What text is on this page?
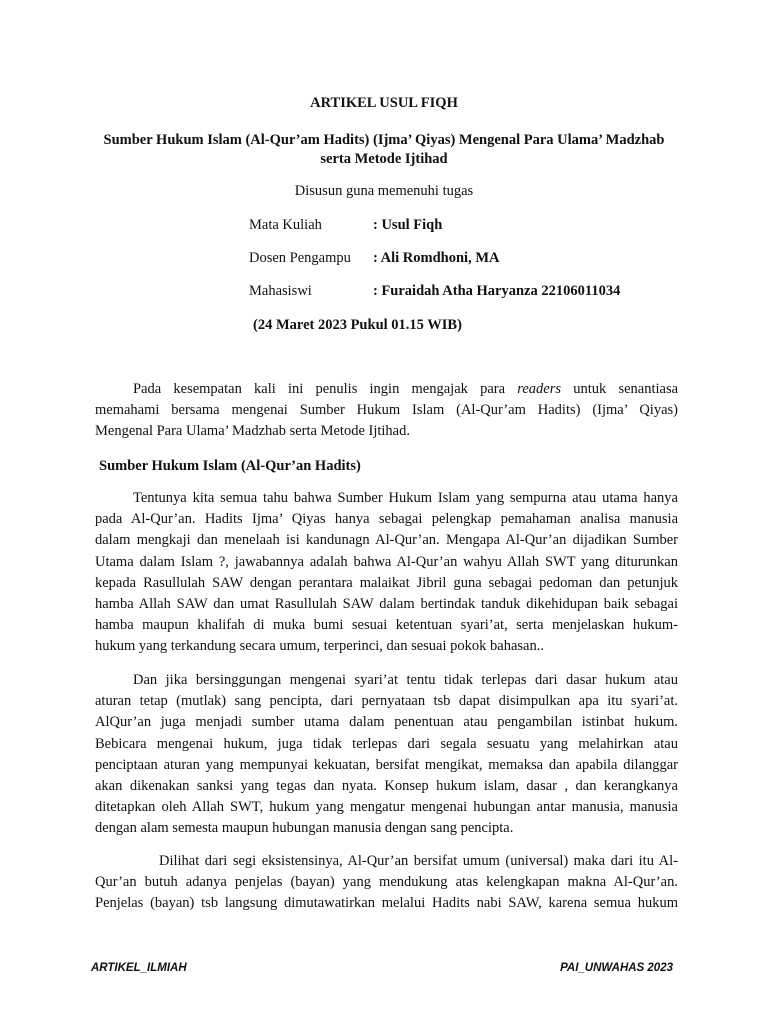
ARTIKEL USUL FIQH
Sumber Hukum Islam (Al-Qur’am Hadits) (Ijma’ Qiyas) Mengenal Para Ulama’ Madzhab
serta Metode Ijtihad
Disusun guna memenuhi tugas
Mata Kuliah	: Usul Fiqh
Dosen Pengampu : Ali Romdhoni, MA
Mahasiswi	: Furaidah Atha Haryanza 22106011034
(24 Maret 2023 Pukul 01.15 WIB)
Pada kesempatan kali ini penulis ingin mengajak para readers untuk senantiasa
memahami bersama mengenai Sumber Hukum Islam (Al-Qur’am Hadits) (Ijma’ Qiyas)
Mengenal Para Ulama’ Madzhab serta Metode Ijtihad.
Sumber Hukum Islam (Al-Qur’an Hadits)
Tentunya kita semua tahu bahwa Sumber Hukum Islam yang sempurna atau utama hanya
pada Al-Qur’an. Hadits Ijma’ Qiyas hanya sebagai pelengkap pemahaman analisa manusia
dalam mengkaji dan menelaah isi kandunagn Al-Qur’an. Mengapa Al-Qur’an dijadikan Sumber
Utama dalam Islam ?, jawabannya adalah bahwa Al-Qur’an wahyu Allah SWT yang diturunkan
kepada Rasullulah SAW dengan perantara malaikat Jibril guna sebagai pedoman dan petunjuk
hamba Allah SAW dan umat Rasullulah SAW dalam bertindak tanduk dikehidupan baik sebagai
hamba maupun khalifah di muka bumi sesuai ketentuan syari’at, serta menjelaskan hukum-
hukum yang terkandung secara umum, terperinci, dan sesuai pokok bahasan..
Dan jika bersinggungan mengenai syari’at tentu tidak terlepas dari dasar hukum atau
aturan tetap (mutlak) sang pencipta, dari pernyataan tsb dapat disimpulkan apa itu syari’at.
AlQur’an juga menjadi sumber utama dalam penentuan atau pengambilan istinbat hukum.
Bebicara mengenai hukum, juga tidak terlepas dari segala sesuatu yang melahirkan atau
penciptaan aturan yang mempunyai kekuatan, bersifat mengikat, memaksa dan apabila dilanggar
akan dikenakan sanksi yang tegas dan nyata. Konsep hukum islam, dasar , dan kerangkanya
ditetapkan oleh Allah SWT, hukum yang mengatur mengenai hubungan antar manusia, manusia
dengan alam semesta maupun hubungan manusia dengan sang pencipta.
Dilihat dari segi eksistensinya, Al-Qur’an bersifat umum (universal) maka dari itu Al-
Qur’an butuh adanya penjelas (bayan) yang mendukung atas kelengkapan makna Al-Qur’an.
Penjelas (bayan) tsb langsung dimutawatirkan melalui Hadits nabi SAW, karena semua hukum
ARTIKEL_ILMIAH	PAI_UNWAHAS 2023
